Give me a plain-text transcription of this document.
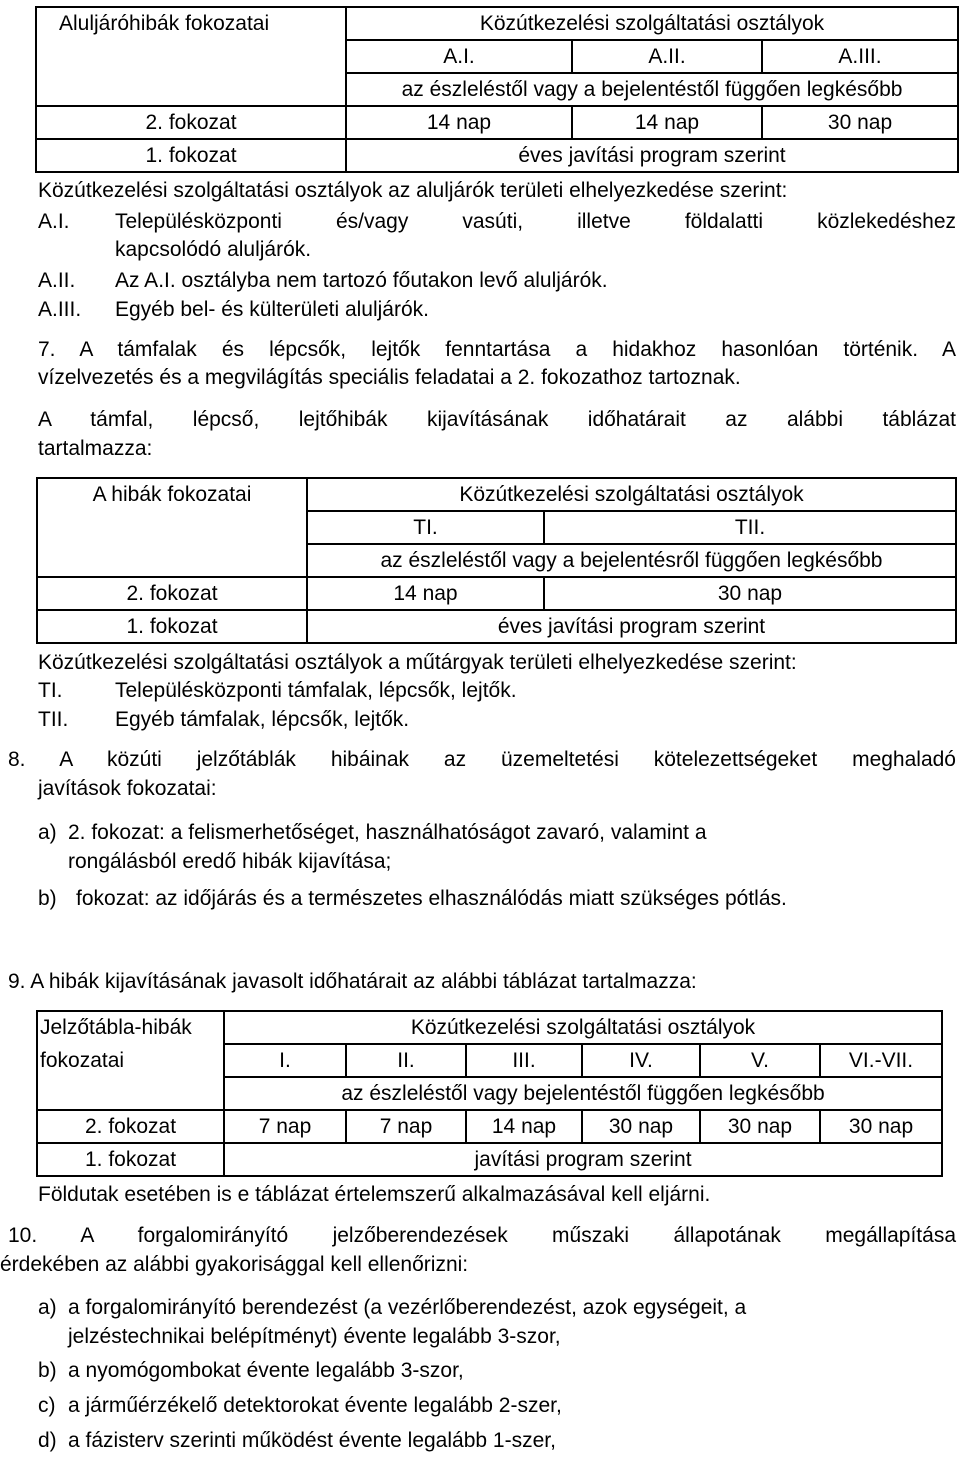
Aluljáróhibák fokozatai	Közútkezelési szolgáltatási osztályok		
	A.I.	A.II.	A.III.
	az észleléstől vagy a bejelentéstől függően legkésőbb		
2. fokozat	14 nap	14 nap	30 nap
1. fokozat	éves javítási program szerint		
Közútkezelési szolgáltatási osztályok az aluljárók területi elhelyezkedése szerint:
A.I. Településközponti és/vagy vasúti, illetve földalatti közlekedéshez
kapcsolódó aluljárók.
A.II. Az A.I. osztályba nem tartozó főutakon levő aluljárók.
A.III. Egyéb bel- és külterületi aluljárók.
7. A támfalak és lépcsők, lejtők fenntartása a hidakhoz hasonlóan történik. A
vízelvezetés és a megvilágítás speciális feladatai a 2. fokozathoz tartoznak.
A támfal, lépcső, lejtőhibák kijavításának időhatárait az alábbi táblázat
tartalmazza:
A hibák fokozatai	Közútkezelési szolgáltatási osztályok	
	TI.	TII.
	az észleléstől vagy a bejelentésről függően legkésőbb	
2. fokozat	14 nap	30 nap
1. fokozat	éves javítási program szerint	
Közútkezelési szolgáltatási osztályok a műtárgyak területi elhelyezkedése szerint:
TI.	Településközponti támfalak, lépcsők, lejtők.
TII. Egyéb támfalak, lépcsők, lejtők.
8. A közúti jelzőtáblák hibáinak az üzemeltetési kötelezettségeket meghaladó
javítások fokozatai:
a) 2. fokozat: a felismerhetőséget, használhatóságot zavaró, valamint a
rongálásból eredő hibák kijavítása;
b) fokozat: az időjárás és a természetes elhasználódás miatt szükséges pótlás.
9. A hibák kijavításának javasolt időhatárait az alábbi táblázat tartalmazza:
Jelzőtábla-hibák	Közútkezelési szolgáltatási osztályok					
fokozatai	I.	II.	III.	IV.	V.	VI.-VII.
	az észleléstől vagy bejelentéstől függően legkésőbb					
2. fokozat	7 nap	7 nap	14 nap	30 nap	30 nap	30 nap
1. fokozat	javítási program szerint					
Földutak esetében is e táblázat értelemszerű alkalmazásával kell eljárni.
10. A forgalomirányító jelzőberendezések műszaki állapotának megállapítása
érdekében az alábbi gyakorisággal kell ellenőrizni:
a) a forgalomirányító berendezést (a vezérlőberendezést, azok egységeit, a
jelzéstechnikai belépítményt) évente legalább 3-szor,
b) a nyomógombokat évente legalább 3-szor,
c) a járműérzékelő detektorokat évente legalább 2-szer,
d) a fázisterv szerinti működést évente legalább 1-szer,
